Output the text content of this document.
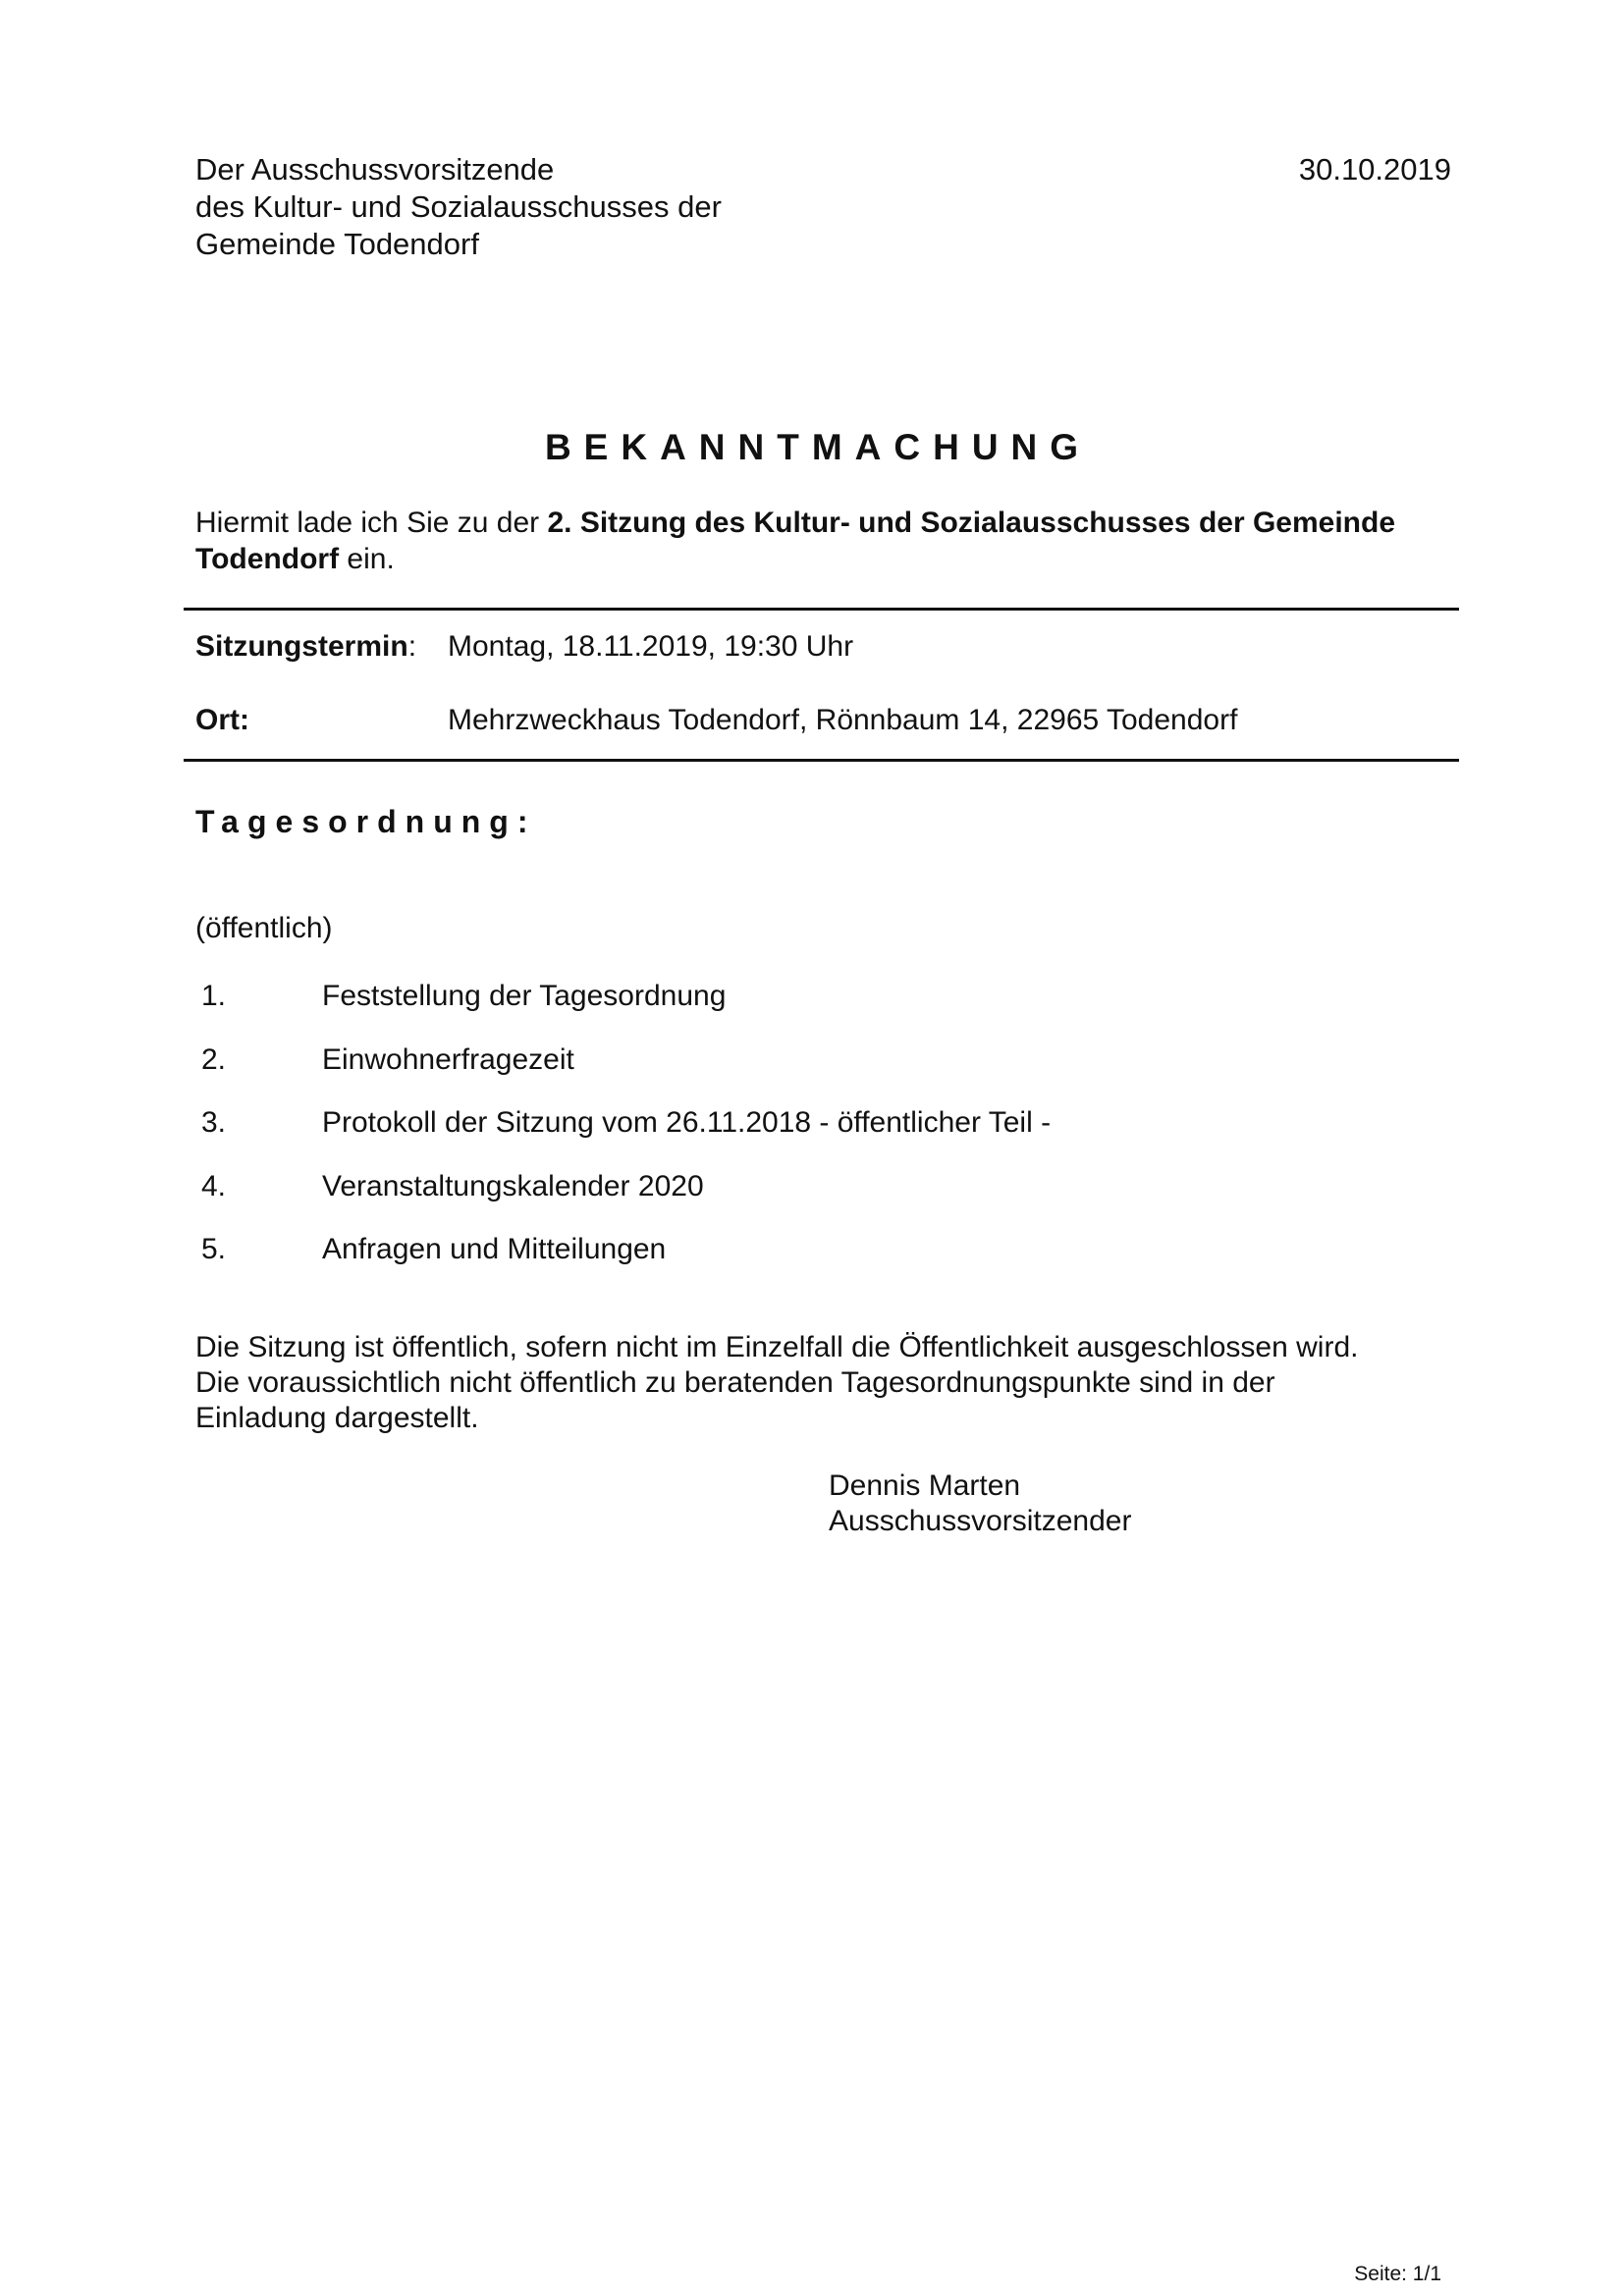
Der Ausschussvorsitzende
des Kultur- und Sozialausschusses der
Gemeinde Todendorf
30.10.2019
BEKANNTMACHUNG
Hiermit lade ich Sie zu der 2. Sitzung des Kultur- und Sozialausschusses der Gemeinde Todendorf ein.
Sitzungstermin: Montag, 18.11.2019, 19:30 Uhr
Ort:	Mehrzweckhaus Todendorf, Rönnbaum 14, 22965 Todendorf
Tagesordnung:
(öffentlich)
1.	Feststellung der Tagesordnung
2.	Einwohnerfragezeit
3.	Protokoll der Sitzung vom 26.11.2018 - öffentlicher Teil -
4.	Veranstaltungskalender 2020
5.	Anfragen und Mitteilungen
Die Sitzung ist öffentlich, sofern nicht im Einzelfall die Öffentlichkeit ausgeschlossen wird.
Die voraussichtlich nicht öffentlich zu beratenden Tagesordnungspunkte sind in der
Einladung dargestellt.
Dennis Marten
Ausschussvorsitzender
Seite: 1/1
